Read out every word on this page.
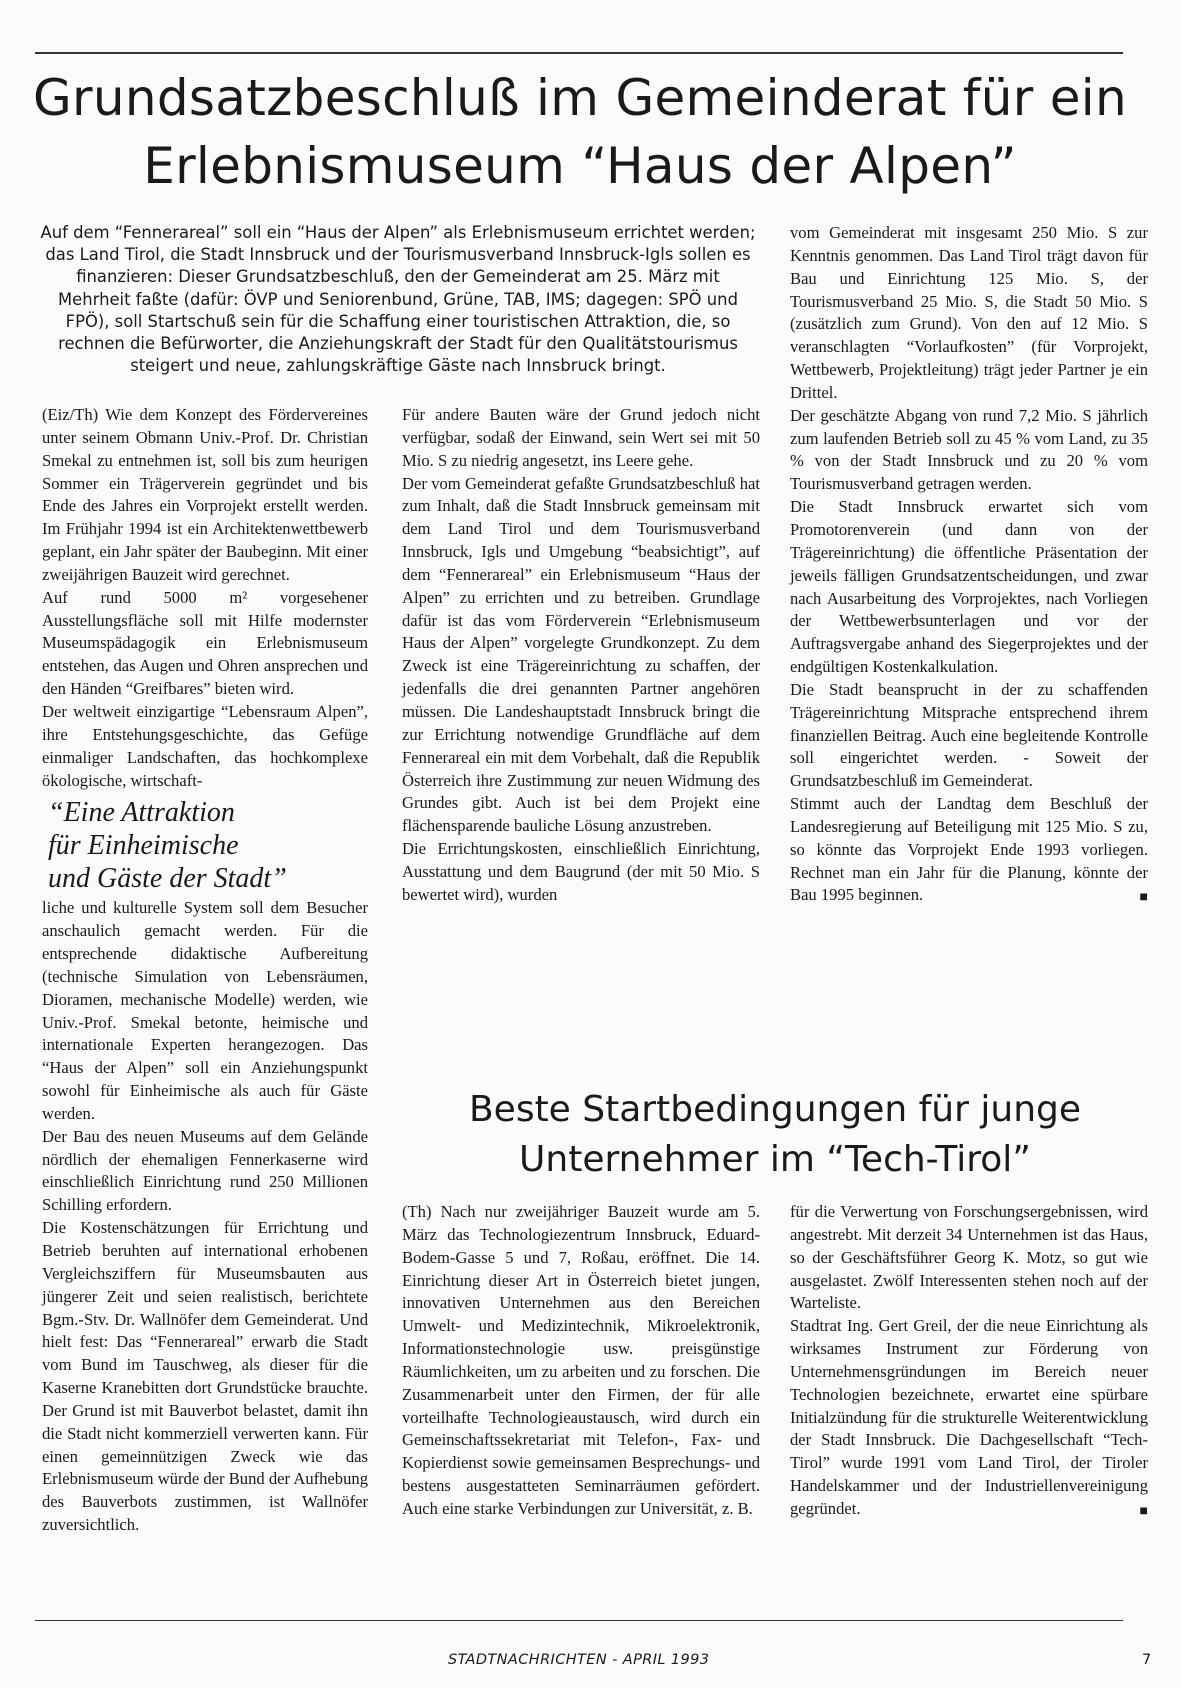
Grundsatzbeschluß im Gemeinderat für ein Erlebnismuseum “Haus der Alpen”

Auf dem “Fennerareal” soll ein “Haus der Alpen” als Erlebnismuseum errichtet werden; das Land Tirol, die Stadt Innsbruck und der Tourismusverband Innsbruck-Igls sollen es finanzieren: Dieser Grundsatzbeschluß, den der Gemeinderat am 25. März mit Mehrheit faßte (dafür: ÖVP und Seniorenbund, Grüne, TAB, IMS; dagegen: SPÖ und FPÖ), soll Startschuß sein für die Schaffung einer touristischen Attraktion, die, so rechnen die Befürworter, die Anziehungskraft der Stadt für den Qualitätstourismus steigert und neue, zahlungskräftige Gäste nach Innsbruck bringt.

(Eiz/Th) Wie dem Konzept des Fördervereines unter seinem Obmann Univ.-Prof. Dr. Christian Smekal zu entnehmen ist, soll bis zum heurigen Sommer ein Trägerverein gegründet und bis Ende des Jahres ein Vorprojekt erstellt werden. Im Frühjahr 1994 ist ein Architektenwettbewerb geplant, ein Jahr später der Baubeginn. Mit einer zweijährigen Bauzeit wird gerechnet.

Auf rund 5000 m² vorgesehener Ausstellungsfläche soll mit Hilfe modernster Museumspädagogik ein Erlebnismuseum entstehen, das Augen und Ohren ansprechen und den Händen “Greifbares” bieten wird.

Der weltweit einzigartige “Lebensraum Alpen”, ihre Entstehungsgeschichte, das Gefüge einmaliger Landschaften, das hochkomplexe ökologische, wirtschaft-

“Eine Attraktion
für Einheimische
und Gäste der Stadt”

liche und kulturelle System soll dem Besucher anschaulich gemacht werden. Für die entsprechende didaktische Aufbereitung (technische Simulation von Lebensräumen, Dioramen, mechanische Modelle) werden, wie Univ.-Prof. Smekal betonte, heimische und internationale Experten herangezogen. Das “Haus der Alpen” soll ein Anziehungspunkt sowohl für Einheimische als auch für Gäste werden.

Der Bau des neuen Museums auf dem Gelände nördlich der ehemaligen Fennerkaserne wird einschließlich Einrichtung rund 250 Millionen Schilling erfordern.

Die Kostenschätzungen für Errichtung und Betrieb beruhten auf international erhobenen Vergleichsziffern für Museumsbauten aus jüngerer Zeit und seien realistisch, berichtete Bgm.-Stv. Dr. Wallnöfer dem Gemeinderat. Und hielt fest: Das “Fennerareal” erwarb die Stadt vom Bund im Tauschweg, als dieser für die Kaserne Kranebitten dort Grundstücke brauchte. Der Grund ist mit Bauverbot belastet, damit ihn die Stadt nicht kommerziell verwerten kann. Für einen gemeinnützigen Zweck wie das Erlebnismuseum würde der Bund der Aufhebung des Bauverbots zustimmen, ist Wallnöfer zuversichtlich.

Für andere Bauten wäre der Grund jedoch nicht verfügbar, sodaß der Einwand, sein Wert sei mit 50 Mio. S zu niedrig angesetzt, ins Leere gehe.

Der vom Gemeinderat gefaßte Grundsatzbeschluß hat zum Inhalt, daß die Stadt Innsbruck gemeinsam mit dem Land Tirol und dem Tourismusverband Innsbruck, Igls und Umgebung “beabsichtigt”, auf dem “Fennerareal” ein Erlebnismuseum “Haus der Alpen” zu errichten und zu betreiben. Grundlage dafür ist das vom Förderverein “Erlebnismuseum Haus der Alpen” vorgelegte Grundkonzept. Zu dem Zweck ist eine Trägereinrichtung zu schaffen, der jedenfalls die drei genannten Partner angehören müssen. Die Landeshauptstadt Innsbruck bringt die zur Errichtung notwendige Grundfläche auf dem Fennerareal ein mit dem Vorbehalt, daß die Republik Österreich ihre Zustimmung zur neuen Widmung des Grundes gibt. Auch ist bei dem Projekt eine flächensparende bauliche Lösung anzustreben.

Die Errichtungskosten, einschließlich Einrichtung, Ausstattung und dem Baugrund (der mit 50 Mio. S bewertet wird), wurden

vom Gemeinderat mit insgesamt 250 Mio. S zur Kenntnis genommen. Das Land Tirol trägt davon für Bau und Einrichtung 125 Mio. S, der Tourismusverband 25 Mio. S, die Stadt 50 Mio. S (zusätzlich zum Grund). Von den auf 12 Mio. S veranschlagten “Vorlaufkosten” (für Vorprojekt, Wettbewerb, Projektleitung) trägt jeder Partner je ein Drittel.

Der geschätzte Abgang von rund 7,2 Mio. S jährlich zum laufenden Betrieb soll zu 45 % vom Land, zu 35 % von der Stadt Innsbruck und zu 20 % vom Tourismusverband getragen werden.

Die Stadt Innsbruck erwartet sich vom Promotorenverein (und dann von der Trägereinrichtung) die öffentliche Präsentation der jeweils fälligen Grundsatzentscheidungen, und zwar nach Ausarbeitung des Vorprojektes, nach Vorliegen der Wettbewerbsunterlagen und vor der Auftragsvergabe anhand des Siegerprojektes und der endgültigen Kostenkalkulation.

Die Stadt beansprucht in der zu schaffenden Trägereinrichtung Mitsprache entsprechend ihrem finanziellen Beitrag. Auch eine begleitende Kontrolle soll eingerichtet werden. - Soweit der Grundsatzbeschluß im Gemeinderat.

Stimmt auch der Landtag dem Beschluß der Landesregierung auf Beteiligung mit 125 Mio. S zu, so könnte das Vorprojekt Ende 1993 vorliegen. Rechnet man ein Jahr für die Planung, könnte der Bau 1995 beginnen.	■

Beste Startbedingungen für junge Unternehmer im “Tech-Tirol”

(Th) Nach nur zweijähriger Bauzeit wurde am 5. März das Technologiezentrum Innsbruck, Eduard-Bodem-Gasse 5 und 7, Roßau, eröffnet. Die 14. Einrichtung dieser Art in Österreich bietet jungen, innovativen Unternehmen aus den Bereichen Umwelt- und Medizintechnik, Mikroelektronik, Informationstechnologie usw. preisgünstige Räumlichkeiten, um zu arbeiten und zu forschen. Die Zusammenarbeit unter den Firmen, der für alle vorteilhafte Technologieaustausch, wird durch ein Gemeinschaftssekretariat mit Telefon-, Fax- und Kopierdienst sowie gemeinsamen Besprechungs- und bestens ausgestatteten Seminarräumen gefördert. Auch eine starke Verbindungen zur Universität, z. B.

für die Verwertung von Forschungsergebnissen, wird angestrebt. Mit derzeit 34 Unternehmen ist das Haus, so der Geschäftsführer Georg K. Motz, so gut wie ausgelastet. Zwölf Interessenten stehen noch auf der Warteliste.

Stadtrat Ing. Gert Greil, der die neue Einrichtung als wirksames Instrument zur Förderung von Unternehmensgründungen im Bereich neuer Technologien bezeichnete, erwartet eine spürbare Initialzündung für die strukturelle Weiterentwicklung der Stadt Innsbruck. Die Dachgesellschaft “Tech-Tirol” wurde 1991 vom Land Tirol, der Tiroler Handelskammer und der Industriellenvereinigung gegründet.	■

STADTNACHRICHTEN - APRIL 1993	7
